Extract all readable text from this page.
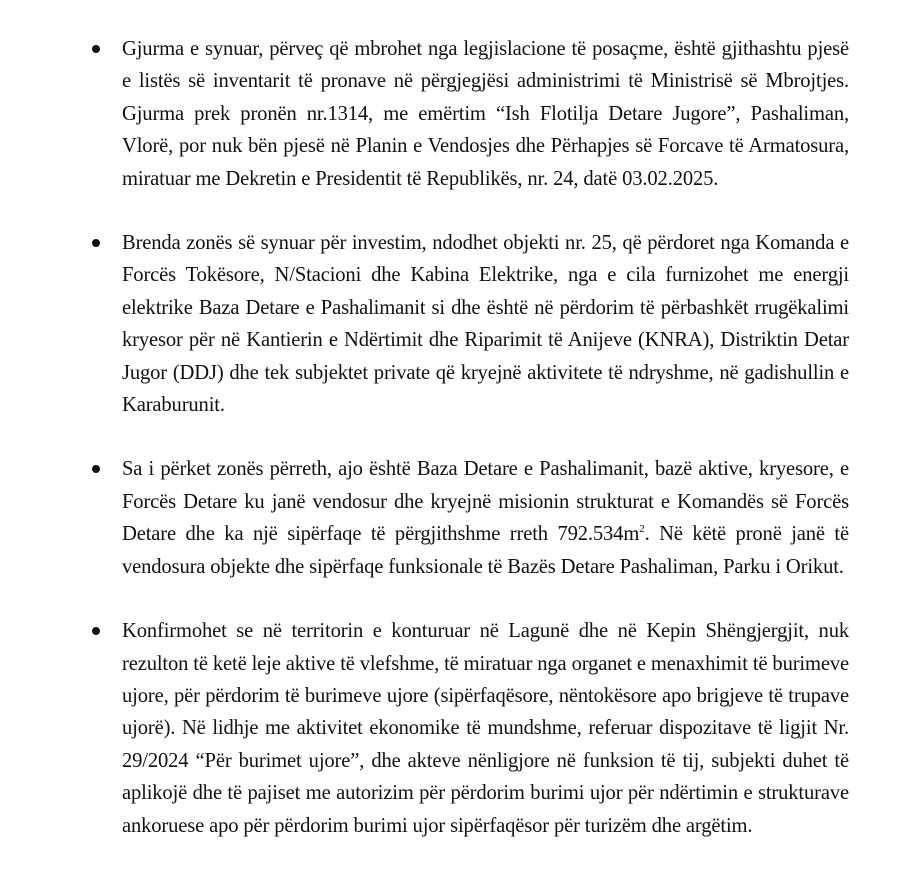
Gjurma e synuar, përveç që mbrohet nga legjislacione të posaçme, është gjithashtu pjesë e listës së inventarit të pronave në përgjegjësi administrimi të Ministrisë së Mbrojtjes. Gjurma prek pronën nr.1314, me emërtim “Ish Flotilja Detare Jugore”, Pashaliman, Vlorë, por nuk bën pjesë në Planin e Vendosjes dhe Përhapjes së Forcave të Armatosura, miratuar me Dekretin e Presidentit të Republikës, nr. 24, datë 03.02.2025.
Brenda zonës së synuar për investim, ndodhet objekti nr. 25, që përdoret nga Komanda e Forcës Tokësore, N/Stacioni dhe Kabina Elektrike, nga e cila furnizohet me energji elektrike Baza Detare e Pashalimanit si dhe është në përdorim të përbashkët rrugëkalimi kryesor për në Kantierin e Ndërtimit dhe Riparimit të Anijeve (KNRA), Distriktin Detar Jugor (DDJ) dhe tek subjektet private që kryejnë aktivitete të ndryshme, në gadishullin e Karaburunit.
Sa i përket zonës përreth, ajo është Baza Detare e Pashalimanit, bazë aktive, kryesore, e Forcës Detare ku janë vendosur dhe kryejnë misionin strukturat e Komandës së Forcës Detare dhe ka një sipërfaqe të përgjithshme rreth $792.534m^2$. Në këtë pronë janë të vendosura objekte dhe sipërfaqe funksionale të Bazës Detare Pashaliman, Parku i Orikut.
Konfirmohet se në territorin e konturuar në Lagunë dhe në Kepin Shëngjergjit, nuk rezulton të ketë leje aktive të vlefshme, të miratuar nga organet e menaxhimit të burimeve ujore, për përdorim të burimeve ujore (sipërfaqësore, nëntokësore apo brigjeve të trupave ujorë). Në lidhje me aktivitet ekonomike të mundshme, referuar dispozitave të ligjit Nr. 29/2024 “Për burimet ujore”, dhe akteve nënligjore në funksion të tij, subjekti duhet të aplikojë dhe të pajiset me autorizim për përdorim burimi ujor për ndërtimin e strukturave ankoruese apo për përdorim burimi ujor sipërfaqësor për turizëm dhe argëtim.
